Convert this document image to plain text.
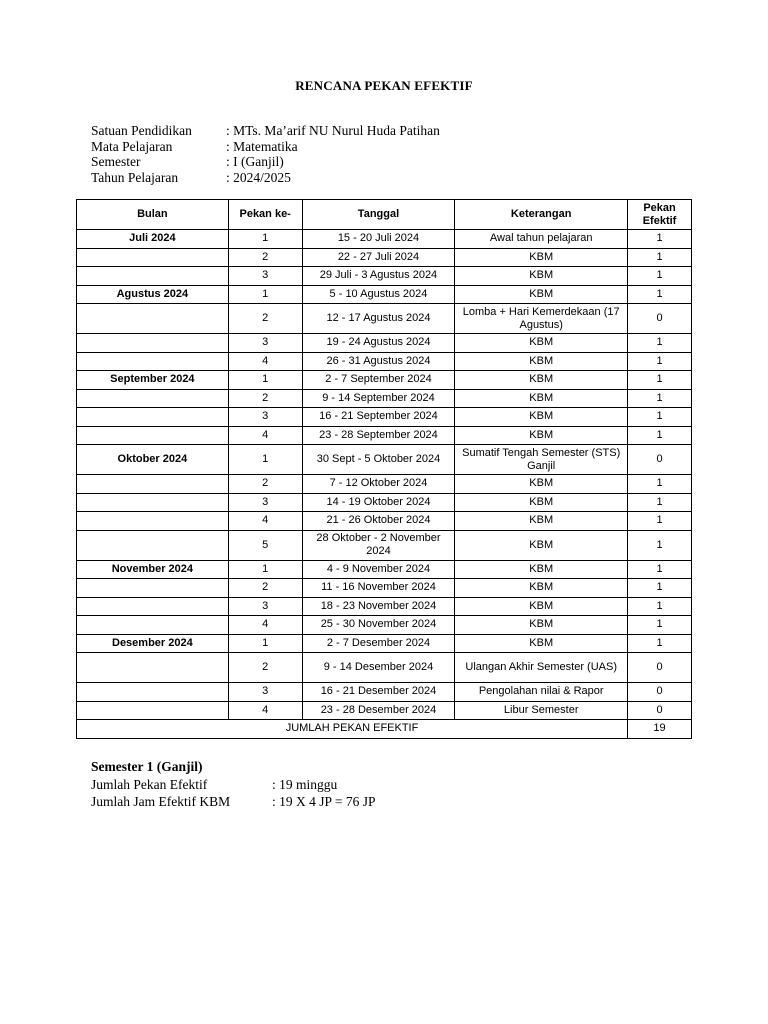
RENCANA PEKAN EFEKTIF
Satuan Pendidikan	: MTs. Ma’arif NU Nurul Huda Patihan
Mata Pelajaran	: Matematika
Semester	: I (Ganjil)
Tahun Pelajaran	: 2024/2025
Bulan	Pekan ke-	Tanggal	Keterangan	Pekan Efektif
Juli 2024	1	15 - 20 Juli 2024	Awal tahun pelajaran	1
	2	22 - 27 Juli 2024	KBM	1
	3	29 Juli - 3 Agustus 2024	KBM	1
Agustus 2024	1	5 - 10 Agustus 2024	KBM	1
	2	12 - 17 Agustus 2024	Lomba + Hari Kemerdekaan (17 Agustus)	0
	3	19 - 24 Agustus 2024	KBM	1
	4	26 - 31 Agustus 2024	KBM	1
September 2024	1	2 - 7 September 2024	KBM	1
	2	9 - 14 September 2024	KBM	1
	3	16 - 21 September 2024	KBM	1
	4	23 - 28 September 2024	KBM	1
Oktober 2024	1	30 Sept - 5 Oktober 2024	Sumatif Tengah Semester (STS) Ganjil	0
	2	7 - 12 Oktober 2024	KBM	1
	3	14 - 19 Oktober 2024	KBM	1
	4	21 - 26 Oktober 2024	KBM	1
	5	28 Oktober - 2 November 2024	KBM	1
November 2024	1	4 - 9 November 2024	KBM	1
	2	11 - 16 November 2024	KBM	1
	3	18 - 23 November 2024	KBM	1
	4	25 - 30 November 2024	KBM	1
Desember 2024	1	2 - 7 Desember 2024	KBM	1
	2	9 - 14 Desember 2024	Ulangan Akhir Semester (UAS)	0
	3	16 - 21 Desember 2024	Pengolahan nilai & Rapor	0
	4	23 - 28 Desember 2024	Libur Semester	0
JUMLAH PEKAN EFEKTIF				19
Semester 1 (Ganjil)
Jumlah Pekan Efektif	: 19 minggu
Jumlah Jam Efektif KBM	: 19 X 4 JP = 76 JP
